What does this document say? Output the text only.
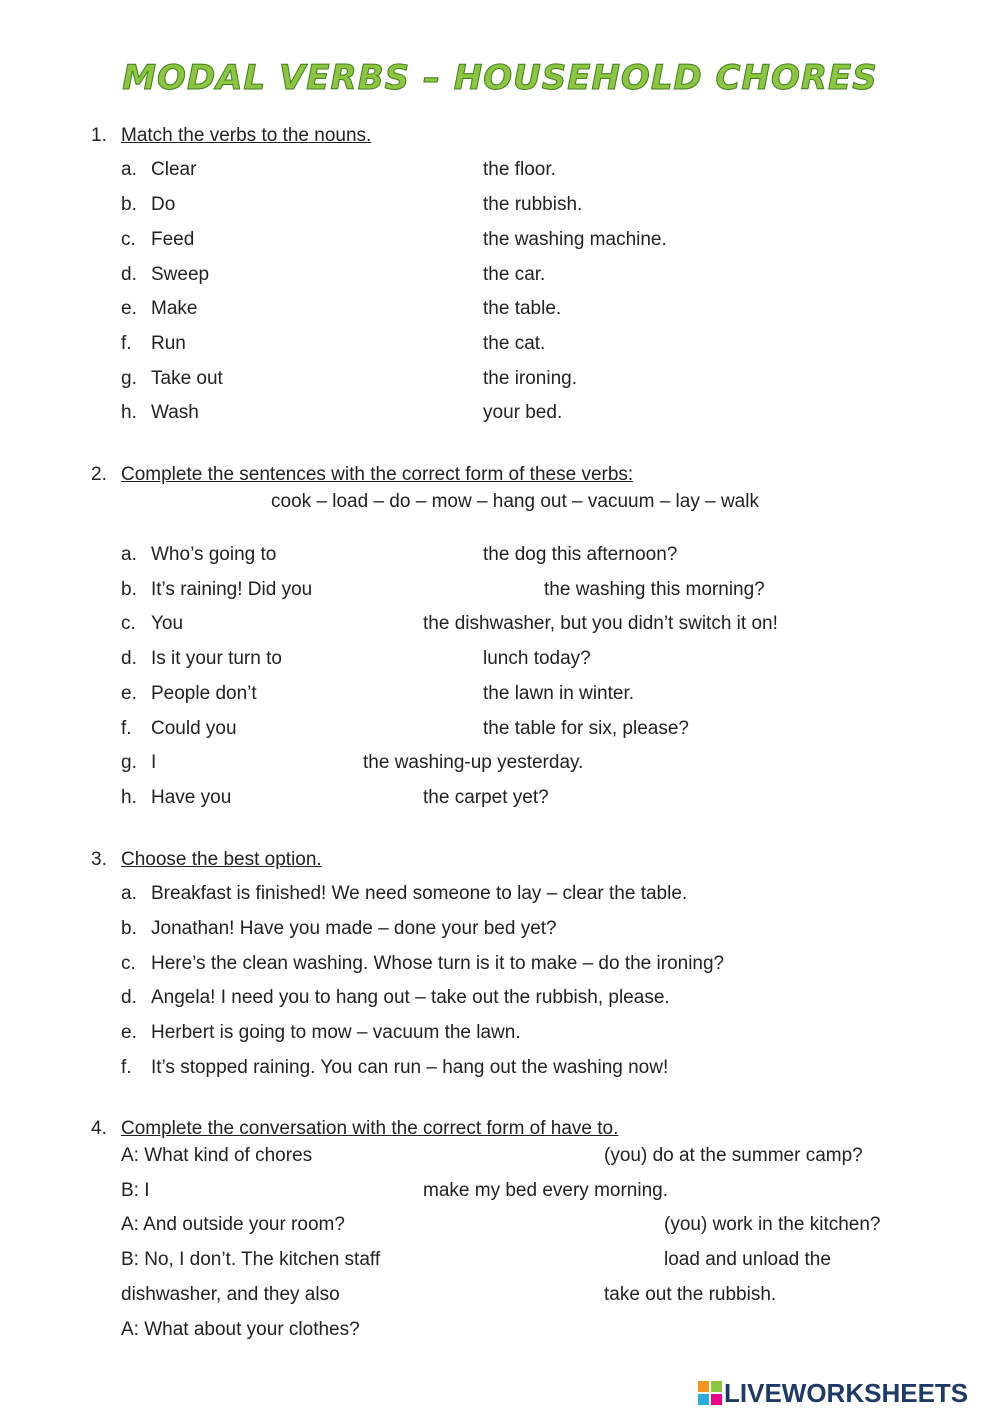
MODAL VERBS – HOUSEHOLD CHORES
1. Match the verbs to the nouns.
a. Clear	the floor.
b. Do	the rubbish.
c. Feed	the washing machine.
d. Sweep	the car.
e. Make	the table.
f. Run	the cat.
g. Take out	the ironing.
h. Wash	your bed.
2. Complete the sentences with the correct form of these verbs:
cook – load – do – mow – hang out – vacuum – lay – walk
a. Who’s going to	the dog this afternoon?
b. It’s raining! Did you	the washing this morning?
c. You	the dishwasher, but you didn’t switch it on!
d. Is it your turn to	lunch today?
e. People don’t	the lawn in winter.
f. Could you	the table for six, please?
g. I	the washing-up yesterday.
h. Have you	the carpet yet?
3. Choose the best option.
a. Breakfast is finished! We need someone to lay – clear the table.
b. Jonathan! Have you made – done your bed yet?
c. Here’s the clean washing. Whose turn is it to make – do the ironing?
d. Angela! I need you to hang out – take out the rubbish, please.
e. Herbert is going to mow – vacuum the lawn.
f. It’s stopped raining. You can run – hang out the washing now!
4. Complete the conversation with the correct form of have to.
A: What kind of chores	(you) do at the summer camp?
B: I	make my bed every morning.
A: And outside your room?	(you) work in the kitchen?
B: No, I don’t. The kitchen staff	load and unload the
dishwasher, and they also	take out the rubbish.
A: What about your clothes?
LIVEWORKSHEETS
